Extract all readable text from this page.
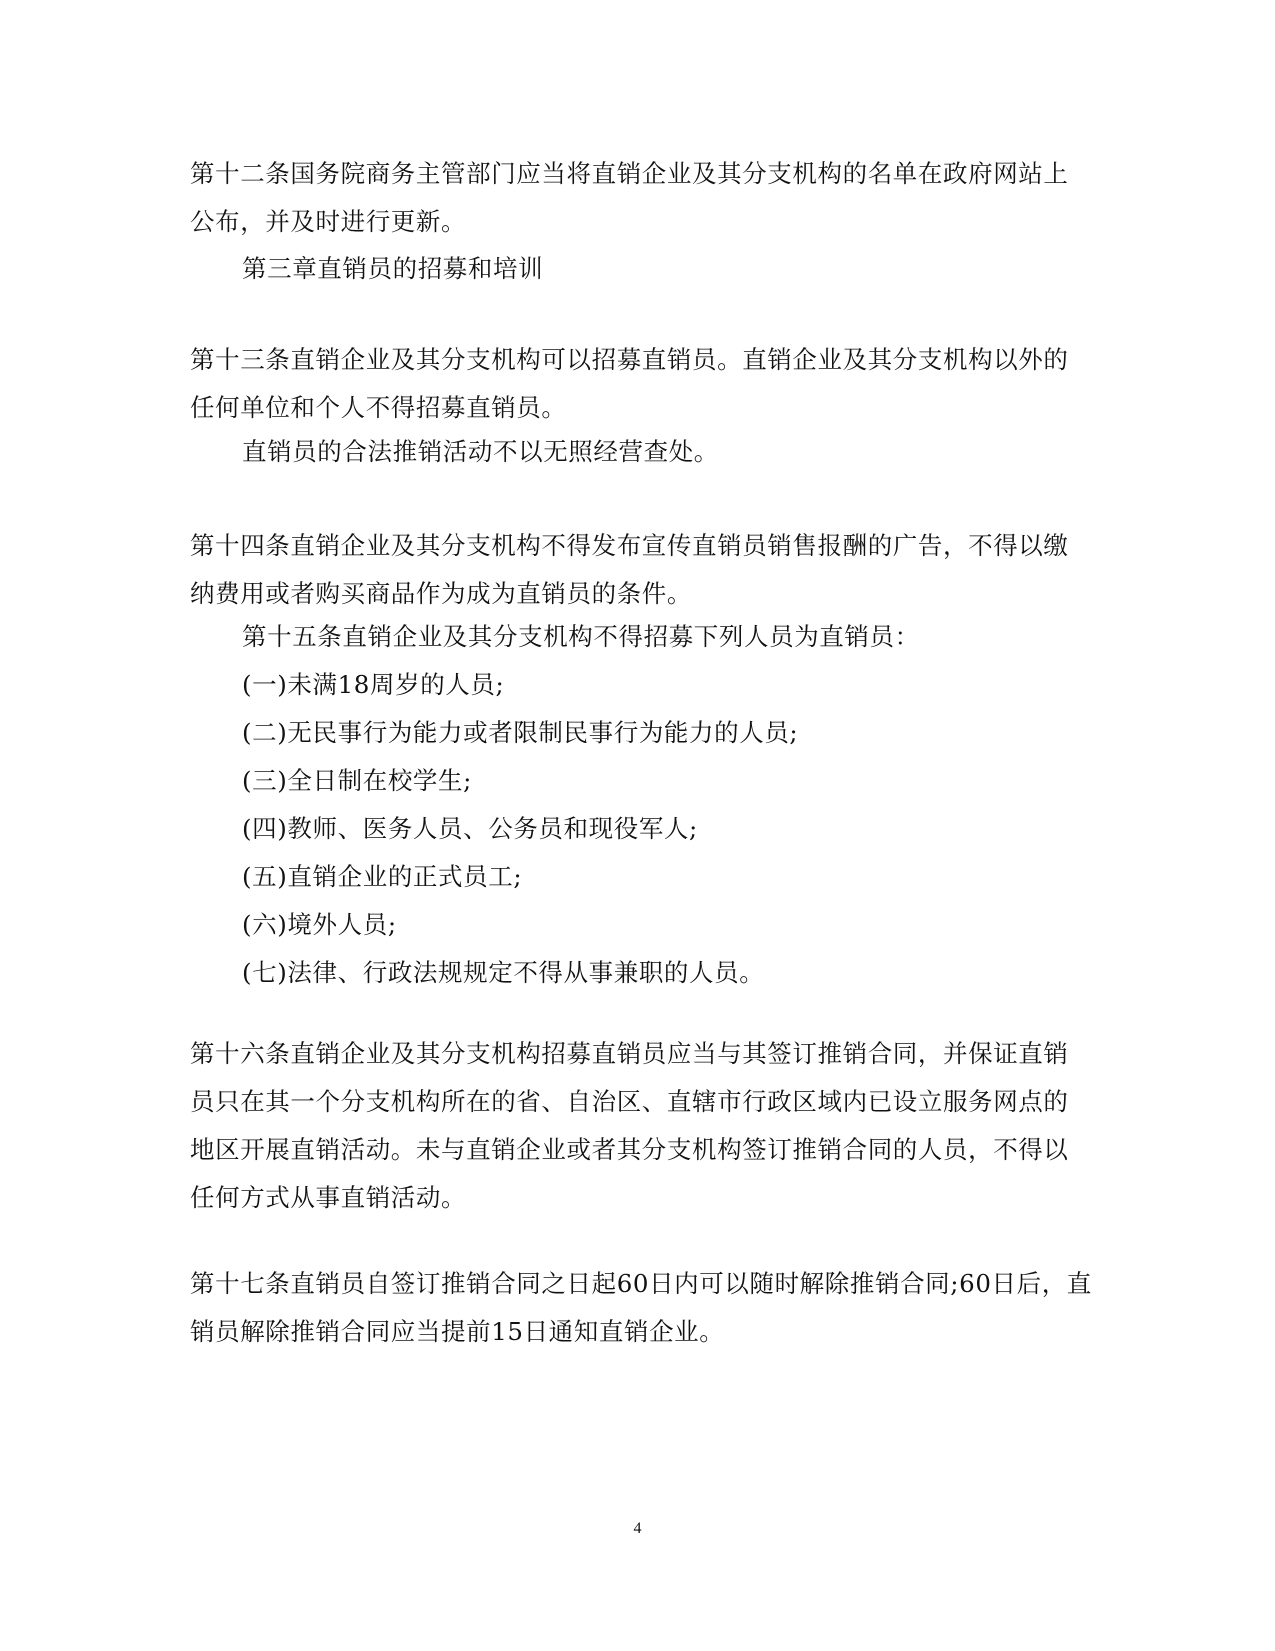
第十二条国务院商务主管部门应当将直销企业及其分支机构的名单在政府网站上
公布，并及时进行更新。

第三章直销员的招募和培训

第十三条直销企业及其分支机构可以招募直销员。直销企业及其分支机构以外的
任何单位和个人不得招募直销员。

直销员的合法推销活动不以无照经营查处。

第十四条直销企业及其分支机构不得发布宣传直销员销售报酬的广告，不得以缴
纳费用或者购买商品作为成为直销员的条件。

第十五条直销企业及其分支机构不得招募下列人员为直销员：
(一)未满18周岁的人员;
(二)无民事行为能力或者限制民事行为能力的人员;
(三)全日制在校学生;
(四)教师、医务人员、公务员和现役军人;
(五)直销企业的正式员工;
(六)境外人员;
(七)法律、行政法规规定不得从事兼职的人员。

第十六条直销企业及其分支机构招募直销员应当与其签订推销合同，并保证直销
员只在其一个分支机构所在的省、自治区、直辖市行政区域内已设立服务网点的
地区开展直销活动。未与直销企业或者其分支机构签订推销合同的人员，不得以
任何方式从事直销活动。

第十七条直销员自签订推销合同之日起60日内可以随时解除推销合同;60日后，直
销员解除推销合同应当提前15日通知直销企业。

4
